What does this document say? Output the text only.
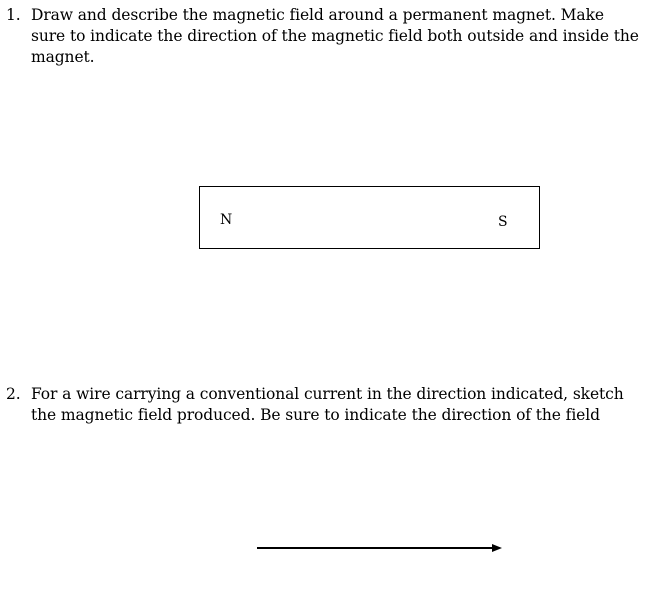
1. Draw and describe the magnetic field around a permanent magnet. Make sure to indicate the direction of the magnetic field both outside and inside the magnet.
N	S
2. For a wire carrying a conventional current in the direction indicated, sketch the magnetic field produced. Be sure to indicate the direction of the field
